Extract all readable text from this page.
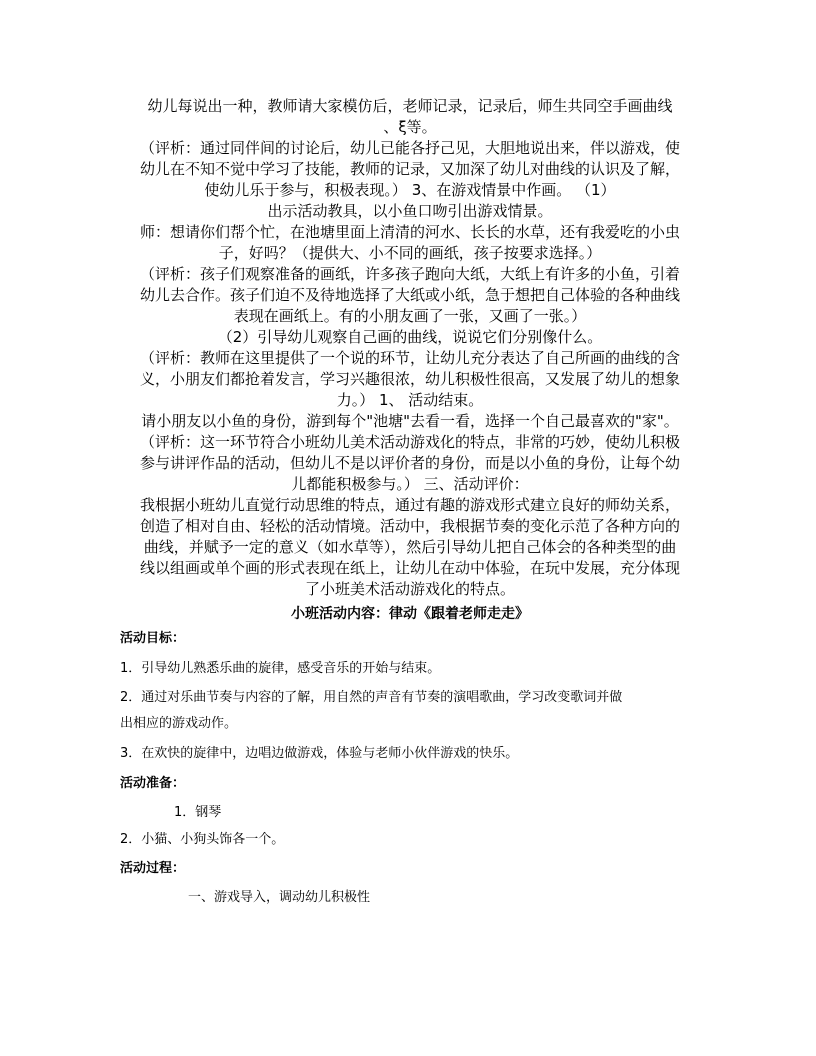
幼儿每说出一种，教师请大家模仿后，老师记录，记录后，师生共同空手画曲线
、ξ等。
（评析：通过同伴间的讨论后，幼儿已能各抒己见，大胆地说出来，伴以游戏，使
幼儿在不知不觉中学习了技能，教师的记录，又加深了幼儿对曲线的认识及了解，
使幼儿乐于参与，积极表现。） 3、在游戏情景中作画。 （1）
出示活动教具，以小鱼口吻引出游戏情景。
师：想请你们帮个忙，在池塘里面上清清的河水、长长的水草，还有我爱吃的小虫
子，好吗？（提供大、小不同的画纸，孩子按要求选择。）
（评析：孩子们观察准备的画纸，许多孩子跑向大纸，大纸上有许多的小鱼，引着
幼儿去合作。孩子们迫不及待地选择了大纸或小纸，急于想把自己体验的各种曲线
表现在画纸上。有的小朋友画了一张，又画了一张。）
（2）引导幼儿观察自己画的曲线，说说它们分别像什么。
（评析：教师在这里提供了一个说的环节，让幼儿充分表达了自己所画的曲线的含
义，小朋友们都抢着发言，学习兴趣很浓，幼儿积极性很高，又发展了幼儿的想象
力。） 1、 活动结束。
请小朋友以小鱼的身份，游到每个"池塘"去看一看，选择一个自己最喜欢的"家"。
（评析：这一环节符合小班幼儿美术活动游戏化的特点，非常的巧妙，使幼儿积极
参与讲评作品的活动，但幼儿不是以评价者的身份，而是以小鱼的身份，让每个幼
儿都能积极参与。） 三、活动评价：
我根据小班幼儿直觉行动思维的特点，通过有趣的游戏形式建立良好的师幼关系，
创造了相对自由、轻松的活动情境。活动中，我根据节奏的变化示范了各种方向的
曲线，并赋予一定的意义（如水草等），然后引导幼儿把自己体会的各种类型的曲
线以组画或单个画的形式表现在纸上，让幼儿在动中体验，在玩中发展，充分体现
了小班美术活动游戏化的特点。
小班活动内容：律动《跟着老师走走》
活动目标：
1．引导幼儿熟悉乐曲的旋律，感受音乐的开始与结束。
2．通过对乐曲节奏与内容的了解，用自然的声音有节奏的演唱歌曲，学习改变歌词并做
出相应的游戏动作。
3．在欢快的旋律中，边唱边做游戏，体验与老师小伙伴游戏的快乐。
活动准备：
1．钢琴
2．小猫、小狗头饰各一个。
活动过程：
一、游戏导入，调动幼儿积极性
